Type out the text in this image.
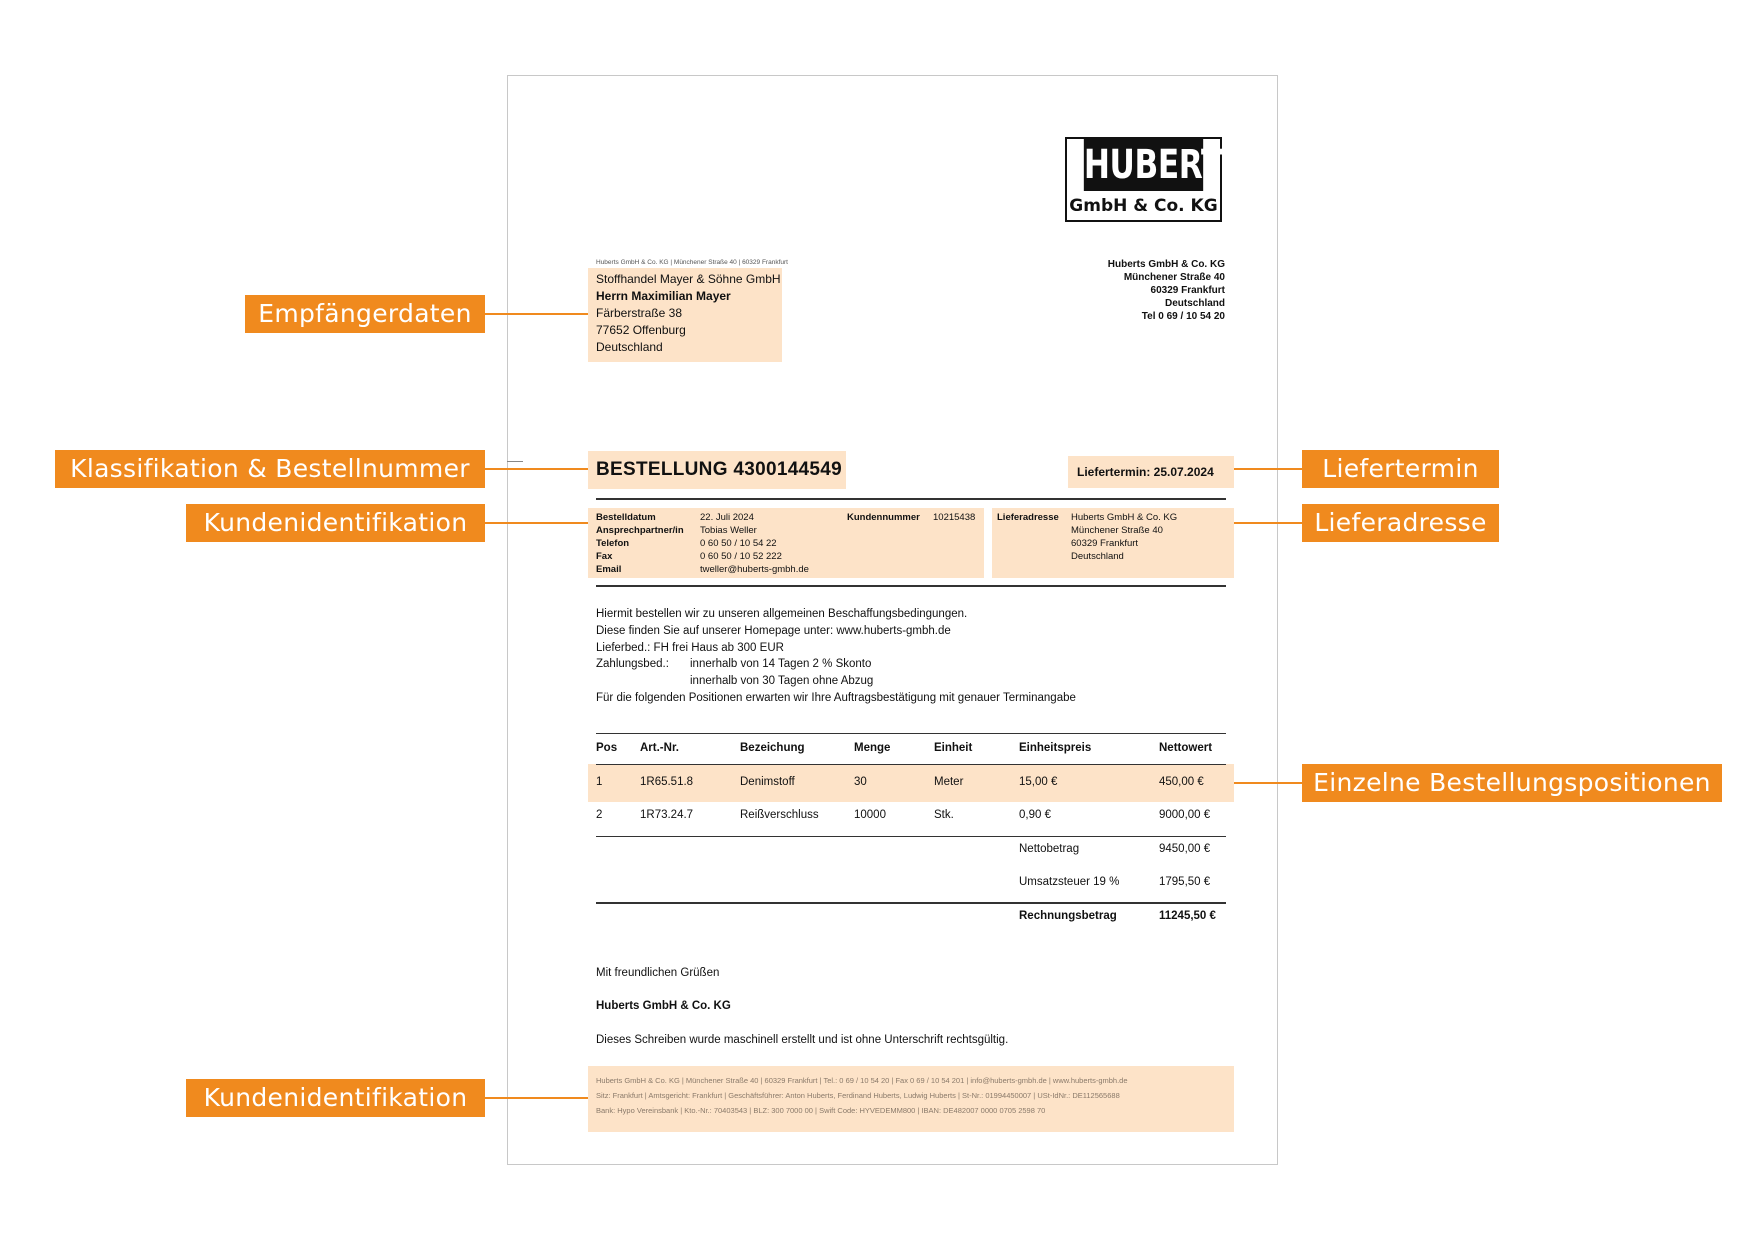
HUBERTS
GmbH & Co. KG
Huberts GmbH & Co. KG | Münchener Straße 40 | 60329 Frankfurt
Stoffhandel Mayer & Söhne GmbH
Herrn Maximilian Mayer
Färberstraße 38
77652 Offenburg
Deutschland
Huberts GmbH & Co. KG
Münchener Straße 40
60329 Frankfurt
Deutschland
Tel 0 69 / 10 54 20
BESTELLUNG 4300144549	Liefertermin: 25.07.2024
Bestelldatum	22. Juli 2024	Kundennummer 10215438
Ansprechpartner/in Tobias Weller
Telefon	0 60 50 / 10 54 22
Fax	0 60 50 / 10 52 222
Email	tweller@huberts-gmbh.de
Lieferadresse Huberts GmbH & Co. KG
Münchener Straße 40
60329 Frankfurt
Deutschland
Hiermit bestellen wir zu unseren allgemeinen Beschaffungsbedingungen.
Diese finden Sie auf unserer Homepage unter: www.huberts-gmbh.de
Lieferbed.: FH frei Haus ab 300 EUR
Zahlungsbed.: innerhalb von 14 Tagen 2 % Skonto
innerhalb von 30 Tagen ohne Abzug

Für die folgenden Positionen erwarten wir Ihre Auftragsbestätigung mit genauer Terminangabe
Pos Art.-Nr.	Bezeichung	Menge	Einheit	Einheitspreis	Nettowert
1	1R65.51.8	Denimstoff	30	Meter	15,00 €	450,00 €
2	1R73.24.7	Reißverschluss	10000	Stk.	0,90 €	9000,00 €
Nettobetrag	9450,00 €
Umsatzsteuer 19 %	1795,50 €
Rechnungsbetrag	11245,50 €
Mit freundlichen Grüßen
Huberts GmbH & Co. KG
Dieses Schreiben wurde maschinell erstellt und ist ohne Unterschrift rechtsgültig.
Huberts GmbH & Co. KG | Münchener Straße 40 | 60329 Frankfurt | Tel.: 0 69 / 10 54 20 | Fax 0 69 / 10 54 201 | info@huberts-gmbh.de | www.huberts-gmbh.de
Sitz: Frankfurt | Amtsgericht: Frankfurt | Geschäftsführer: Anton Huberts, Ferdinand Huberts, Ludwig Huberts | St-Nr.: 01994450007 | USt-IdNr.: DE112565688
Bank: Hypo Vereinsbank | Kto.-Nr.: 70403543 | BLZ: 300 7000 00 | Swift Code: HYVEDEMM800 | IBAN: DE482007 0000 0705 2598 70
Empfängerdaten
Klassifikation & Bestellnummer
Kundenidentifikation
Liefertermin
Lieferadresse
Einzelne Bestellungspositionen
Kundenidentifikation
